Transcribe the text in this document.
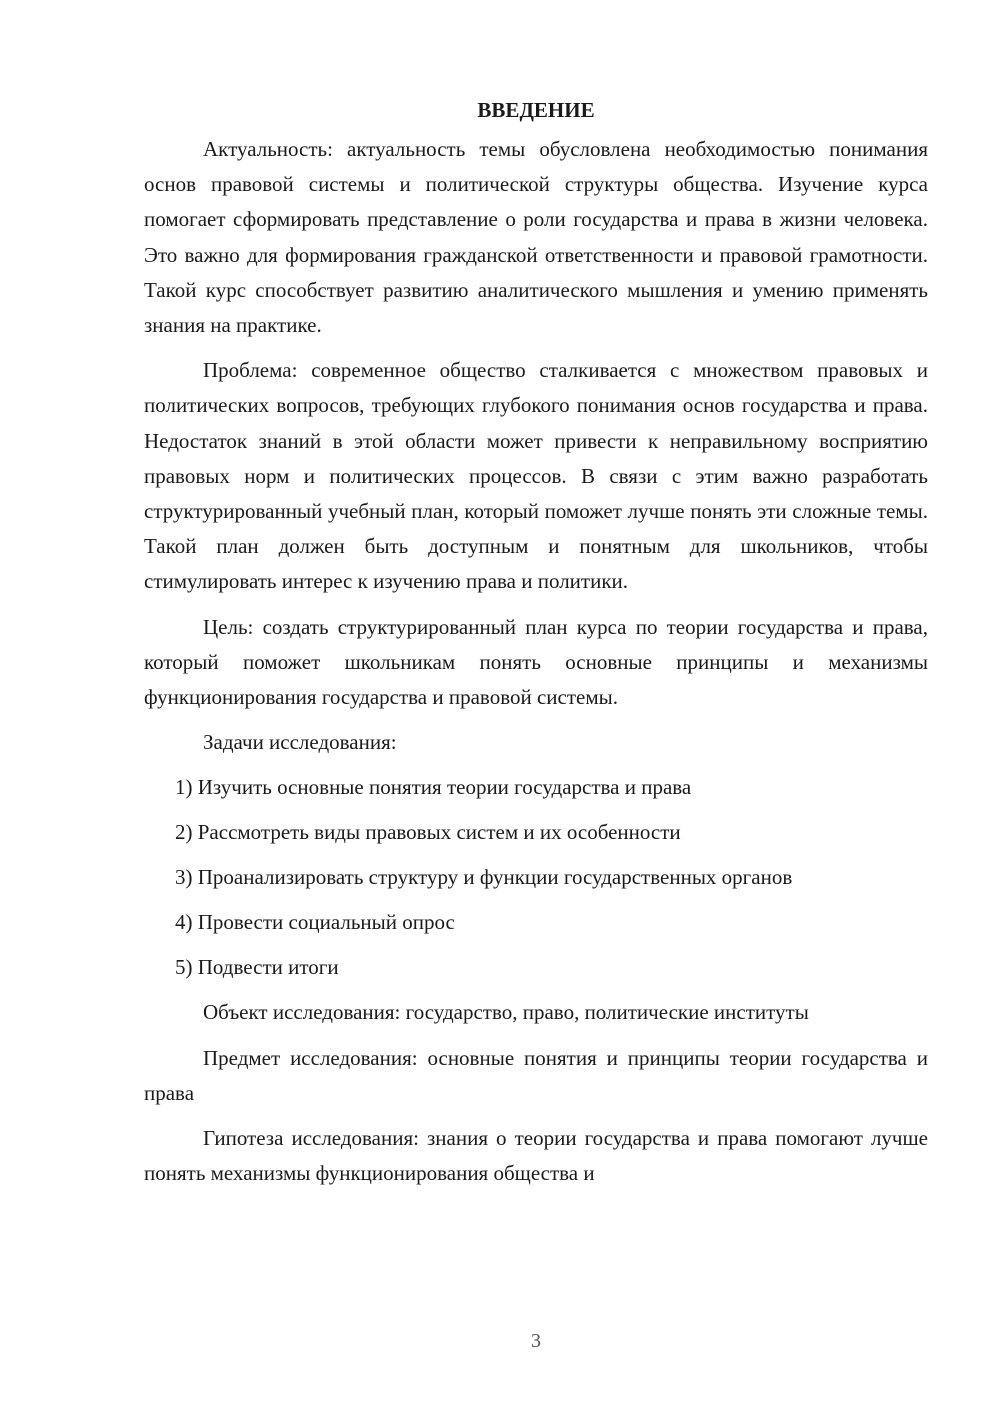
ВВЕДЕНИЕ

Актуальность: актуальность темы обусловлена необходимостью понимания основ правовой системы и политической структуры общества. Изучение курса помогает сформировать представление о роли государства и права в жизни человека. Это важно для формирования гражданской ответственности и правовой грамотности. Такой курс способствует развитию аналитического мышления и умению применять знания на практике.

Проблема: современное общество сталкивается с множеством правовых и политических вопросов, требующих глубокого понимания основ государства и права. Недостаток знаний в этой области может привести к неправильному восприятию правовых норм и политических процессов. В связи с этим важно разработать структурированный учебный план, который поможет лучше понять эти сложные темы. Такой план должен быть доступным и понятным для школьников, чтобы стимулировать интерес к изучению права и политики.

Цель: создать структурированный план курса по теории государства и права, который поможет школьникам понять основные принципы и механизмы функционирования государства и правовой системы.

Задачи исследования:

1) Изучить основные понятия теории государства и права
2) Рассмотреть виды правовых систем и их особенности
3) Проанализировать структуру и функции государственных органов
4) Провести социальный опрос
5) Подвести итоги

Объект исследования: государство, право, политические институты

Предмет исследования: основные понятия и принципы теории государства и права

Гипотеза исследования: знания о теории государства и права помогают лучше понять механизмы функционирования общества и

3
